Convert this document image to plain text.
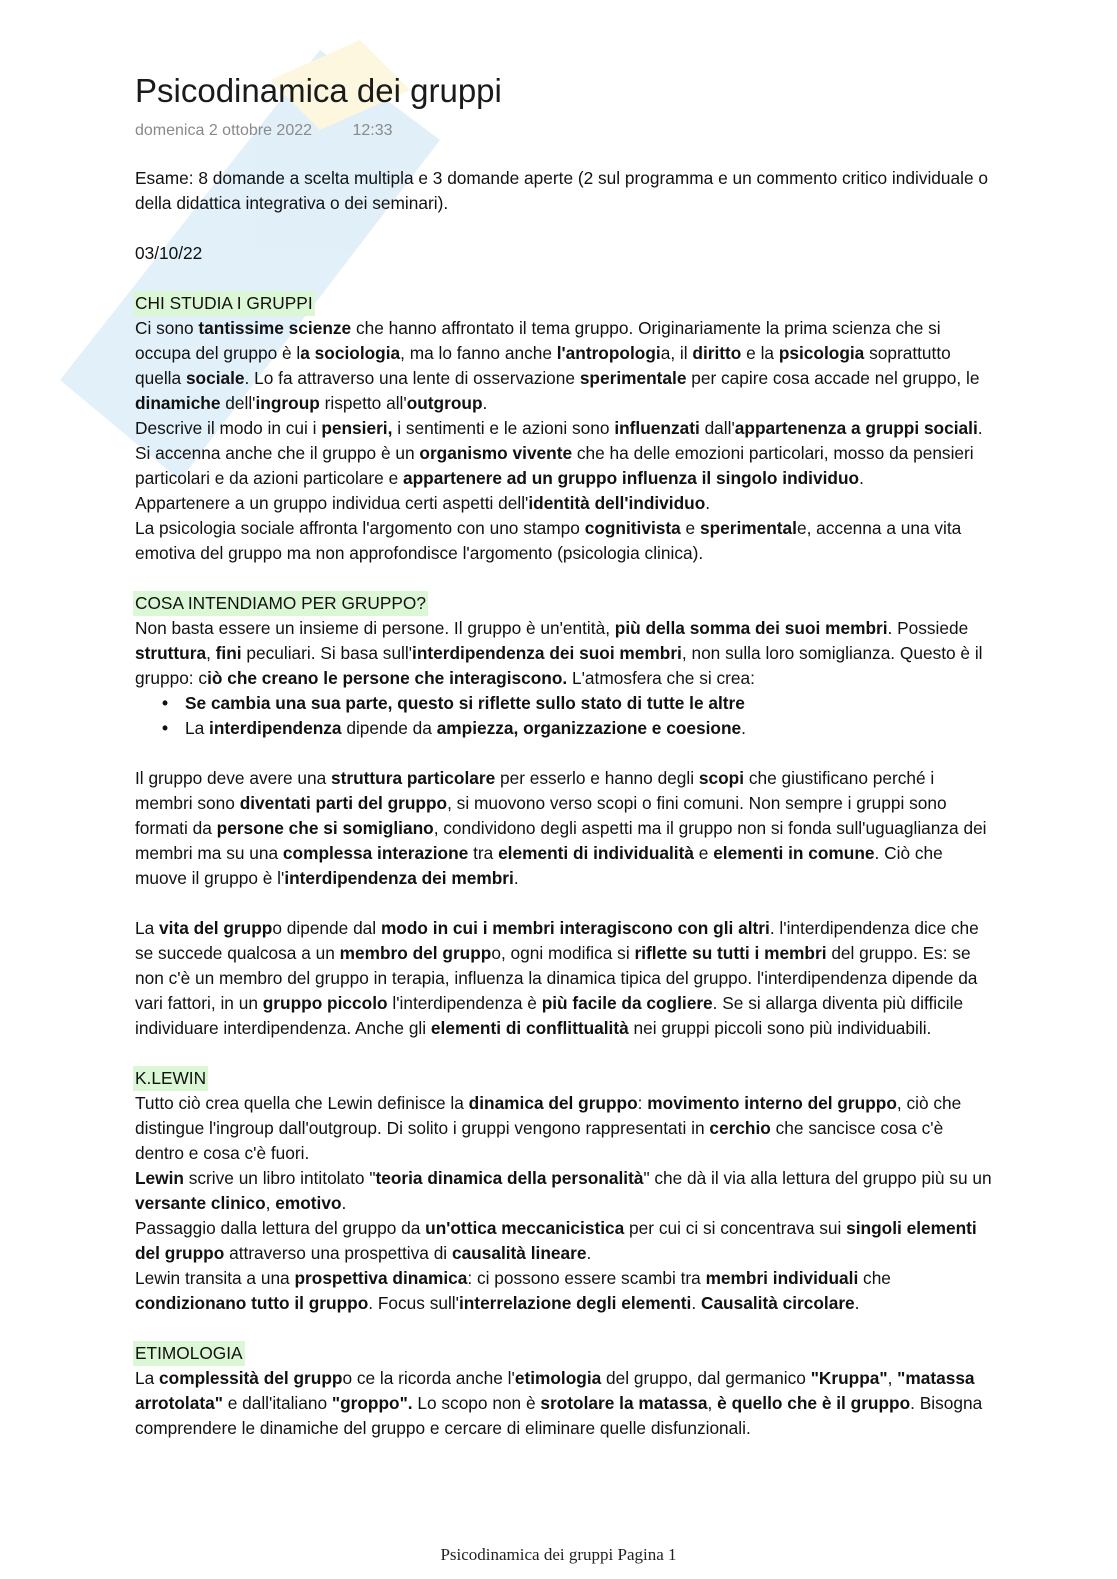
Psicodinamica dei gruppi
domenica 2 ottobre 2022	12:33

Esame: 8 domande a scelta multipla e 3 domande aperte (2 sul programma e un commento critico individuale o della didattica integrativa o dei seminari).

03/10/22

CHI STUDIA I GRUPPI

Ci sono tantissime scienze che hanno affrontato il tema gruppo. Originariamente la prima scienza che si occupa del gruppo è la sociologia, ma lo fanno anche l'antropologia, il diritto e la psicologia soprattutto quella sociale. Lo fa attraverso una lente di osservazione sperimentale per capire cosa accade nel gruppo, le dinamiche dell'ingroup rispetto all'outgroup.

Descrive il modo in cui i pensieri, i sentimenti e le azioni sono influenzati dall'appartenenza a gruppi sociali.

Si accenna anche che il gruppo è un organismo vivente che ha delle emozioni particolari, mosso da pensieri particolari e da azioni particolare e appartenere ad un gruppo influenza il singolo individuo.

Appartenere a un gruppo individua certi aspetti dell'identità dell'individuo.

La psicologia sociale affronta l'argomento con uno stampo cognitivista e sperimentale, accenna a una vita emotiva del gruppo ma non approfondisce l'argomento (psicologia clinica).

COSA INTENDIAMO PER GRUPPO?

Non basta essere un insieme di persone. Il gruppo è un'entità, più della somma dei suoi membri. Possiede struttura, fini peculiari. Si basa sull'interdipendenza dei suoi membri, non sulla loro somiglianza. Questo è il gruppo: ciò che creano le persone che interagiscono. L'atmosfera che si crea:

• Se cambia una sua parte, questo si riflette sullo stato di tutte le altre
• La interdipendenza dipende da ampiezza, organizzazione e coesione.

Il gruppo deve avere una struttura particolare per esserlo e hanno degli scopi che giustificano perché i membri sono diventati parti del gruppo, si muovono verso scopi o fini comuni. Non sempre i gruppi sono formati da persone che si somigliano, condividono degli aspetti ma il gruppo non si fonda sull'uguaglianza dei membri ma su una complessa interazione tra elementi di individualità e elementi in comune. Ciò che muove il gruppo è l'interdipendenza dei membri.

La vita del gruppo dipende dal modo in cui i membri interagiscono con gli altri. l'interdipendenza dice che se succede qualcosa a un membro del gruppo, ogni modifica si riflette su tutti i membri del gruppo. Es: se non c'è un membro del gruppo in terapia, influenza la dinamica tipica del gruppo. l'interdipendenza dipende da vari fattori, in un gruppo piccolo l'interdipendenza è più facile da cogliere. Se si allarga diventa più difficile individuare interdipendenza. Anche gli elementi di conflittualità nei gruppi piccoli sono più individuabili.

K.LEWIN

Tutto ciò crea quella che Lewin definisce la dinamica del gruppo: movimento interno del gruppo, ciò che distingue l'ingroup dall'outgroup. Di solito i gruppi vengono rappresentati in cerchio che sancisce cosa c'è dentro e cosa c'è fuori.

Lewin scrive un libro intitolato "teoria dinamica della personalità" che dà il via alla lettura del gruppo più su un versante clinico, emotivo.

Passaggio dalla lettura del gruppo da un'ottica meccanicistica per cui ci si concentrava sui singoli elementi del gruppo attraverso una prospettiva di causalità lineare.

Lewin transita a una prospettiva dinamica: ci possono essere scambi tra membri individuali che condizionano tutto il gruppo. Focus sull'interrelazione degli elementi. Causalità circolare.

ETIMOLOGIA

La complessità del gruppo ce la ricorda anche l'etimologia del gruppo, dal germanico "Kruppa", "matassa arrotolata" e dall'italiano "groppo". Lo scopo non è srotolare la matassa, è quello che è il gruppo. Bisogna comprendere le dinamiche del gruppo e cercare di eliminare quelle disfunzionali.

Psicodinamica dei gruppi Pagina 1
